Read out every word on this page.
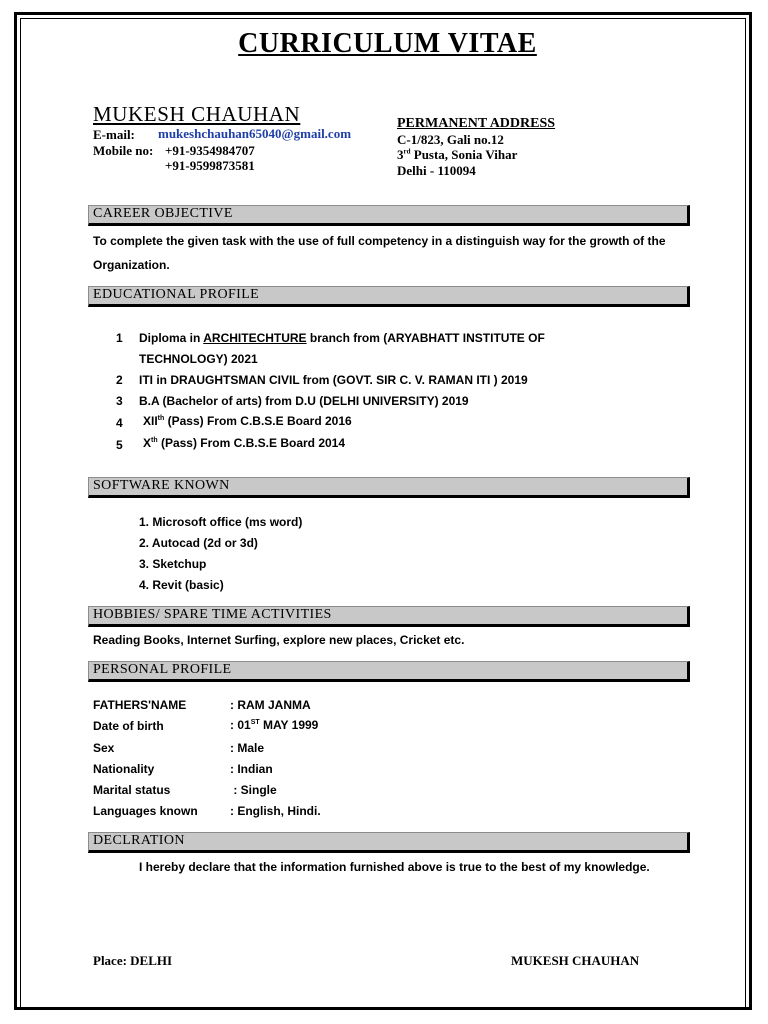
CURRICULUM VITAE
MUKESH CHAUHAN
E-mail: mukeshchauhan65040@gmail.com
Mobile no: +91-9354984707
+91-9599873581
PERMANENT ADDRESS
C-1/823, Gali no.12
3rd Pusta, Sonia Vihar
Delhi - 110094
CAREER OBJECTIVE
To complete the given task with the use of full competency in a distinguish way for the growth of the Organization.
EDUCATIONAL PROFILE
1	Diploma in ARCHITECHTURE branch from (ARYABHATT INSTITUTE OF
TECHNOLOGY) 2021
2	ITI in DRAUGHTSMAN CIVIL from (GOVT. SIR C. V. RAMAN ITI ) 2019
3	B.A (Bachelor of arts) from D.U (DELHI UNIVERSITY) 2019
4	XIIth (Pass) From C.B.S.E Board 2016
5	Xth (Pass) From C.B.S.E Board 2014
SOFTWARE KNOWN
1. Microsoft office (ms word)
2. Autocad (2d or 3d)
3. Sketchup
4. Revit (basic)
HOBBIES/ SPARE TIME ACTIVITIES
Reading Books, Internet Surfing, explore new places, Cricket etc.
PERSONAL PROFILE
FATHERS'NAME	: RAM JANMA
Date of birth	: 01ST MAY 1999
Sex	: Male
Nationality	: Indian
Marital status	: Single
Languages known	: English, Hindi.
DECLRATION
I hereby declare that the information furnished above is true to the best of my knowledge.
Place: DELHI	MUKESH CHAUHAN
